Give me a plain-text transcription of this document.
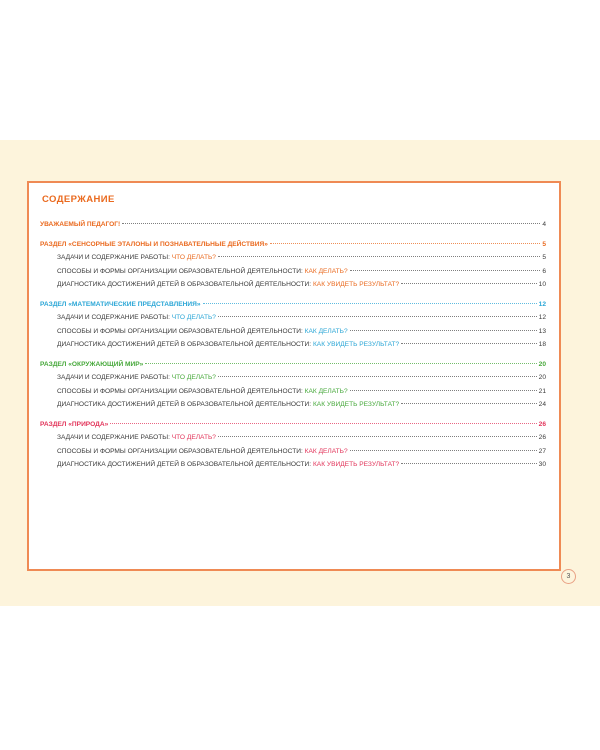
СОДЕРЖАНИЕ
УВАЖАЕМЫЙ ПЕДАГОГ!	4
РАЗДЕЛ «СЕНСОРНЫЕ ЭТАЛОНЫ И ПОЗНАВАТЕЛЬНЫЕ ДЕЙСТВИЯ»	5
ЗАДАЧИ И СОДЕРЖАНИЕ РАБОТЫ: ЧТО ДЕЛАТЬ?	5
СПОСОБЫ И ФОРМЫ ОРГАНИЗАЦИИ ОБРАЗОВАТЕЛЬНОЙ ДЕЯТЕЛЬНОСТИ: КАК ДЕЛАТЬ?	6
ДИАГНОСТИКА ДОСТИЖЕНИЙ ДЕТЕЙ В ОБРАЗОВАТЕЛЬНОЙ ДЕЯТЕЛЬНОСТИ: КАК УВИДЕТЬ РЕЗУЛЬТАТ?	10
РАЗДЕЛ «МАТЕМАТИЧЕСКИЕ ПРЕДСТАВЛЕНИЯ»	12
ЗАДАЧИ И СОДЕРЖАНИЕ РАБОТЫ: ЧТО ДЕЛАТЬ?	12
СПОСОБЫ И ФОРМЫ ОРГАНИЗАЦИИ ОБРАЗОВАТЕЛЬНОЙ ДЕЯТЕЛЬНОСТИ: КАК ДЕЛАТЬ?	13
ДИАГНОСТИКА ДОСТИЖЕНИЙ ДЕТЕЙ В ОБРАЗОВАТЕЛЬНОЙ ДЕЯТЕЛЬНОСТИ: КАК УВИДЕТЬ РЕЗУЛЬТАТ?	18
РАЗДЕЛ «ОКРУЖАЮЩИЙ МИР»	20
ЗАДАЧИ И СОДЕРЖАНИЕ РАБОТЫ: ЧТО ДЕЛАТЬ?	20
СПОСОБЫ И ФОРМЫ ОРГАНИЗАЦИИ ОБРАЗОВАТЕЛЬНОЙ ДЕЯТЕЛЬНОСТИ: КАК ДЕЛАТЬ?	21
ДИАГНОСТИКА ДОСТИЖЕНИЙ ДЕТЕЙ В ОБРАЗОВАТЕЛЬНОЙ ДЕЯТЕЛЬНОСТИ: КАК УВИДЕТЬ РЕЗУЛЬТАТ?	24
РАЗДЕЛ «ПРИРОДА»	26
ЗАДАЧИ И СОДЕРЖАНИЕ РАБОТЫ: ЧТО ДЕЛАТЬ?	26
СПОСОБЫ И ФОРМЫ ОРГАНИЗАЦИИ ОБРАЗОВАТЕЛЬНОЙ ДЕЯТЕЛЬНОСТИ: КАК ДЕЛАТЬ?	27
ДИАГНОСТИКА ДОСТИЖЕНИЙ ДЕТЕЙ В ОБРАЗОВАТЕЛЬНОЙ ДЕЯТЕЛЬНОСТИ: КАК УВИДЕТЬ РЕЗУЛЬТАТ?	30
3
